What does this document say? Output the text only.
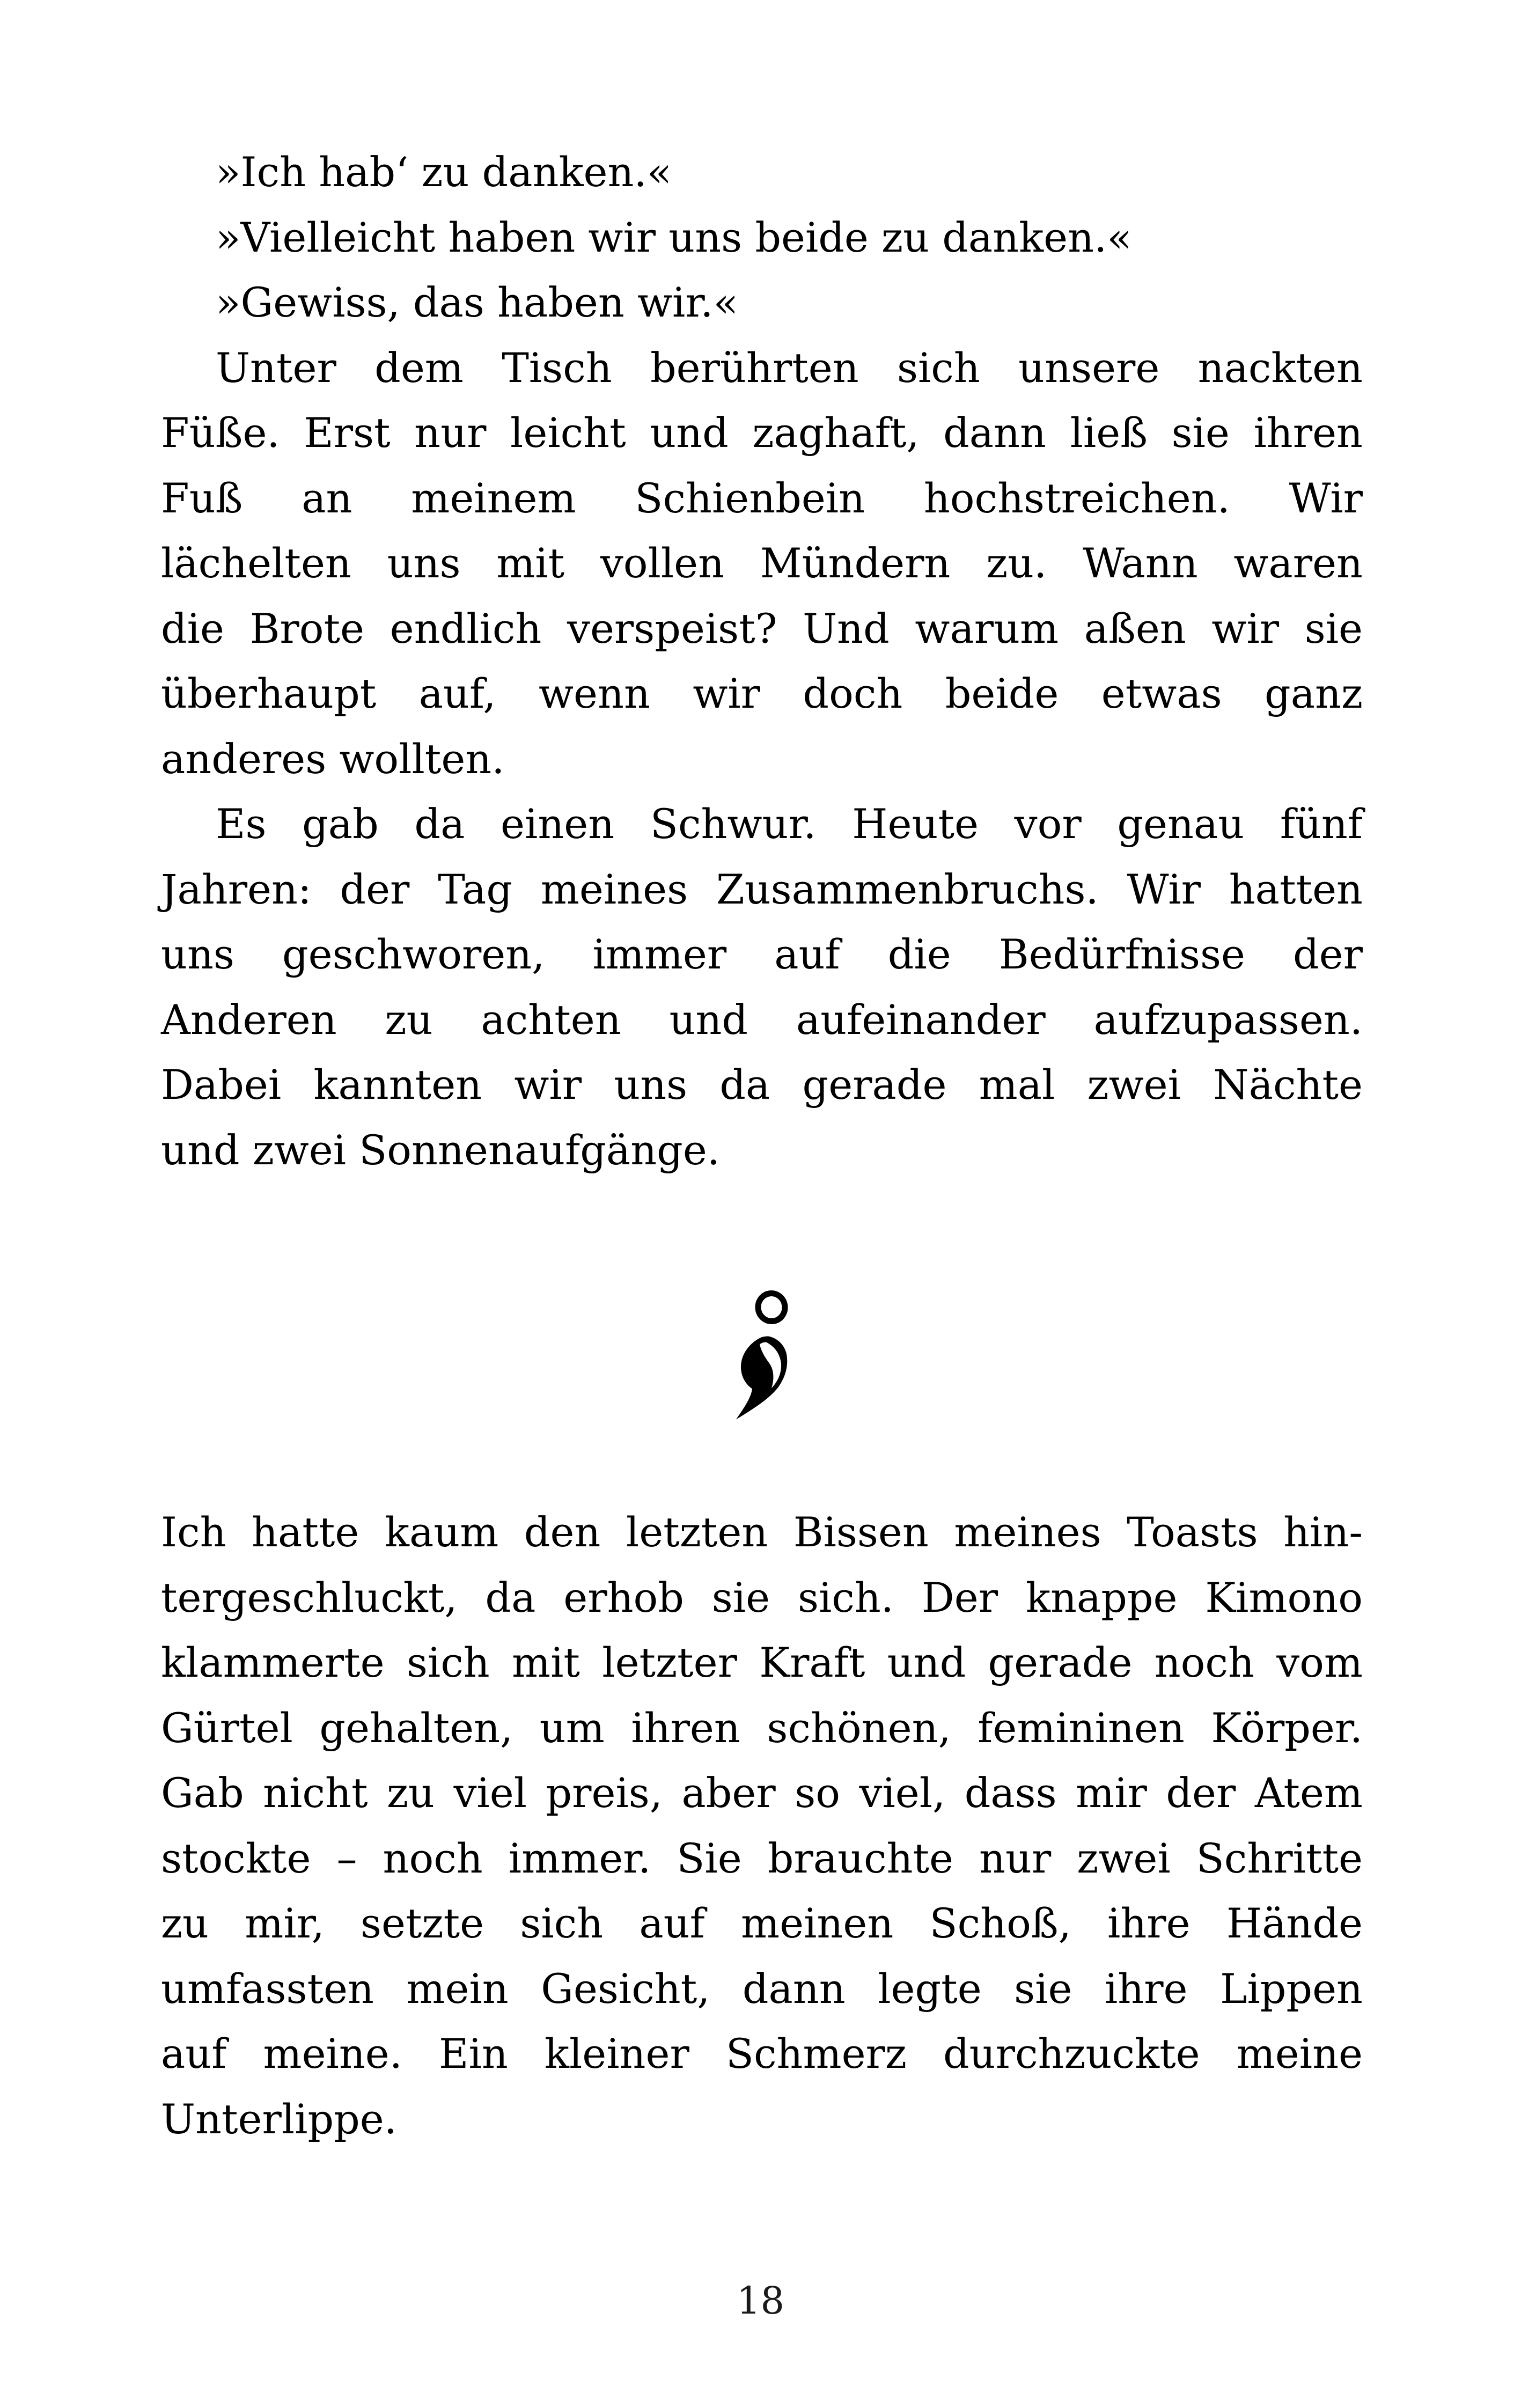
»Ich hab‘ zu danken.«
»Vielleicht haben wir uns beide zu danken.«
»Gewiss, das haben wir.«
Unter dem Tisch berührten sich unsere nackten
Füße. Erst nur leicht und zaghaft, dann ließ sie ihren
Fuß an meinem Schienbein hochstreichen. Wir
lächelten uns mit vollen Mündern zu. Wann waren
die Brote endlich verspeist? Und warum aßen wir sie
überhaupt auf, wenn wir doch beide etwas ganz
anderes wollten.
Es gab da einen Schwur. Heute vor genau fünf
Jahren: der Tag meines Zusammenbruchs. Wir hatten
uns geschworen, immer auf die Bedürfnisse der
Anderen zu achten und aufeinander aufzupassen.
Dabei kannten wir uns da gerade mal zwei Nächte
und zwei Sonnenaufgänge.
Ich hatte kaum den letzten Bissen meines Toasts hin-
tergeschluckt, da erhob sie sich. Der knappe Kimono
klammerte sich mit letzter Kraft und gerade noch vom
Gürtel gehalten, um ihren schönen, femininen Körper.
Gab nicht zu viel preis, aber so viel, dass mir der Atem
stockte – noch immer. Sie brauchte nur zwei Schritte
zu mir, setzte sich auf meinen Schoß, ihre Hände
umfassten mein Gesicht, dann legte sie ihre Lippen
auf meine. Ein kleiner Schmerz durchzuckte meine
Unterlippe.
18
